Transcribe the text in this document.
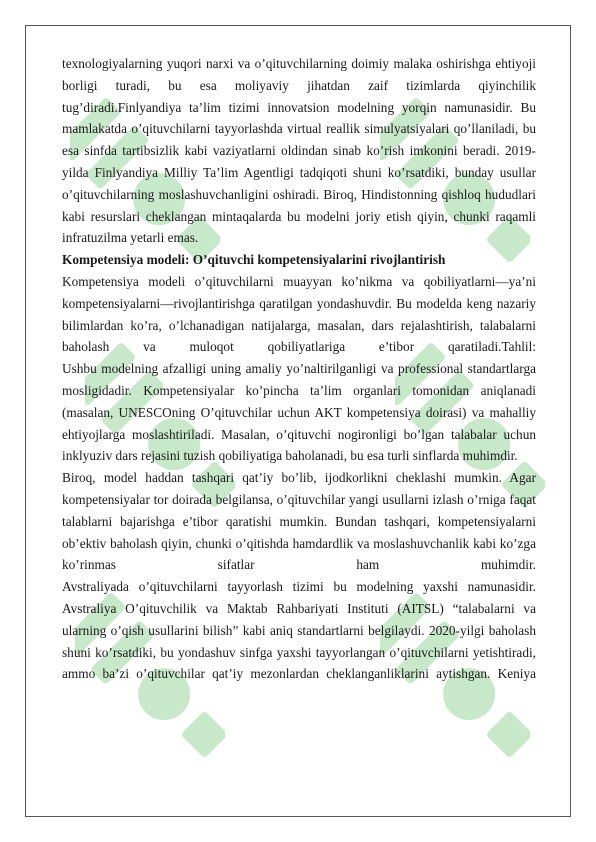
texnologiyalarning yuqori narxi va o’qituvchilarning doimiy malaka oshirishga ehtiyoji
borligi turadi, bu esa moliyaviy jihatdan zaif tizimlarda qiyinchilik
tug’diradi.Finlyandiya ta’lim tizimi innovatsion modelning yorqin namunasidir. Bu
mamlakatda o’qituvchilarni tayyorlashda virtual reallik simulyatsiyalari qo’llaniladi, bu
esa sinfda tartibsizlik kabi vaziyatlarni oldindan sinab ko’rish imkonini beradi. 2019-
yilda Finlyandiya Milliy Ta’lim Agentligi tadqiqoti shuni ko’rsatdiki, bunday usullar
o’qituvchilarning moslashuvchanligini oshiradi. Biroq, Hindistonning qishloq hududlari
kabi resurslari cheklangan mintaqalarda bu modelni joriy etish qiyin, chunki raqamli
infratuzilma yetarli emas.
Kompetensiya modeli: O’qituvchi kompetensiyalarini rivojlantirish
Kompetensiya modeli o’qituvchilarni muayyan ko’nikma va qobiliyatlarni—ya’ni
kompetensiyalarni—rivojlantirishga qaratilgan yondashuvdir. Bu modelda keng nazariy
bilimlardan ko’ra, o’lchanadigan natijalarga, masalan, dars rejalashtirish, talabalarni
baholash va muloqot qobiliyatlariga e’tibor qaratiladi.Tahlil:
Ushbu modelning afzalligi uning amaliy yo’naltirilganligi va professional standartlarga
mosligidadir. Kompetensiyalar ko’pincha ta’lim organlari tomonidan aniqlanadi
(masalan, UNESCOning O’qituvchilar uchun AKT kompetensiya doirasi) va mahalliy
ehtiyojlarga moslashtiriladi. Masalan, o’qituvchi nogironligi bo’lgan talabalar uchun
inklyuziv dars rejasini tuzish qobiliyatiga baholanadi, bu esa turli sinflarda muhimdir.
Biroq, model haddan tashqari qat’iy bo’lib, ijodkorlikni cheklashi mumkin. Agar
kompetensiyalar tor doirada belgilansa, o’qituvchilar yangi usullarni izlash o’rniga faqat
talablarni bajarishga e’tibor qaratishi mumkin. Bundan tashqari, kompetensiyalarni
ob’ektiv baholash qiyin, chunki o’qitishda hamdardlik va moslashuvchanlik kabi ko’zga
ko’rinmas sifatlar ham muhimdir.
Avstraliyada o’qituvchilarni tayyorlash tizimi bu modelning yaxshi namunasidir.
Avstraliya O’qituvchilik va Maktab Rahbariyati Instituti (AITSL) “talabalarni va
ularning o’qish usullarini bilish” kabi aniq standartlarni belgilaydi. 2020-yilgi baholash
shuni ko’rsatdiki, bu yondashuv sinfga yaxshi tayyorlangan o’qituvchilarni yetishtiradi,
ammo ba’zi o’qituvchilar qat’iy mezonlardan cheklanganliklarini aytishgan. Keniya
